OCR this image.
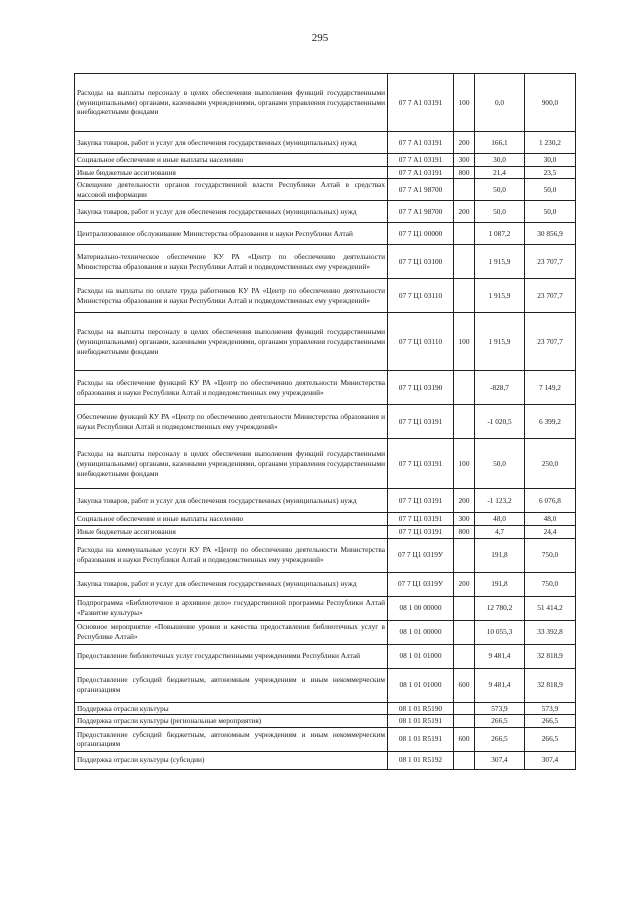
295
Расходы на выплаты персоналу в целях обеспечения выполнения функций государственными (муниципальными) органами, казенными учреждениями, органами управления государственными внебюджетными фондами	07 7 А1 03191	100	0,0	900,0
Закупка товаров, работ и услуг для обеспечения государственных (муниципальных) нужд	07 7 А1 03191	200	166,1	1 230,2
Социальное обеспечение и иные выплаты населению	07 7 А1 03191	300	30,0	30,0
Иные бюджетные ассигнования	07 7 А1 03191	800	21,4	23,5
Освещение деятельности органов государственной власти Республики Алтай в средствах массовой информации	07 7 А1 98700		50,0	50,0
Закупка товаров, работ и услуг для обеспечения государственных (муниципальных) нужд	07 7 А1 98700	200	50,0	50,0
Централизованное обслуживание Министерства образования и науки Республики Алтай	07 7 Ц1 00000		1 087,2	30 856,9
Материально-техническое обеспечение КУ РА «Центр по обеспечению деятельности Министерства образования и науки Республики Алтай и подведомственных ему учреждений»	07 7 Ц1 03100		1 915,9	23 707,7
Расходы на выплаты по оплате труда работников КУ РА «Центр по обеспечению деятельности Министерства образования и науки Республики Алтай и подведомственных ему учреждений»	07 7 Ц1 03110		1 915,9	23 707,7
Расходы на выплаты персоналу в целях обеспечения выполнения функций государственными (муниципальными) органами, казенными учреждениями, органами управления государственными внебюджетными фондами	07 7 Ц1 03110	100	1 915,9	23 707,7
Расходы на обеспечение функций КУ РА «Центр по обеспечению деятельности Министерства образования и науки Республики Алтай и подведомственных ему учреждений»	07 7 Ц1 03190		-828,7	7 149,2
Обеспечение функций КУ РА «Центр по обеспечению деятельности Министерства образования и науки Республики Алтай и подведомственных ему учреждений»	07 7 Ц1 03191		-1 020,5	6 399,2
Расходы на выплаты персоналу в целях обеспечения выполнения функций государственными (муниципальными) органами, казенными учреждениями, органами управления государственными внебюджетными фондами	07 7 Ц1 03191	100	50,0	250,0
Закупка товаров, работ и услуг для обеспечения государственных (муниципальных) нужд	07 7 Ц1 03191	200	-1 123,2	6 076,8
Социальное обеспечение и иные выплаты населению	07 7 Ц1 03191	300	48,0	48,0
Иные бюджетные ассигнования	07 7 Ц1 03191	800	4,7	24,4
Расходы на коммунальные услуги КУ РА «Центр по обеспечению деятельности Министерства образования и науки Республики Алтай и подведомственных ему учреждений»	07 7 Ц1 0319У		191,8	750,0
Закупка товаров, работ и услуг для обеспечения государственных (муниципальных) нужд	07 7 Ц1 0319У	200	191,8	750,0
Подпрограмма «Библиотечное и архивное дело» государственной программы Республики Алтай «Развитие культуры»	08 1 00 00000		12 780,2	51 414,2
Основное мероприятие «Повышение уровня и качества предоставления библиотечных услуг в Республике Алтай»	08 1 01 00000		10 055,3	33 392,8
Предоставление библиотечных услуг государственными учреждениями Республики Алтай	08 1 01 01000		9 481,4	32 818,9
Предоставление субсидий бюджетным, автономным учреждениям и иным некоммерческим организациям	08 1 01 01000	600	9 481,4	32 818,9
Поддержка отрасли культуры	08 1 01 R5190		573,9	573,9
Поддержка отрасли культуры (региональные мероприятия)	08 1 01 R5191		266,5	266,5
Предоставление субсидий бюджетным, автономным учреждениям и иным некоммерческим организациям	08 1 01 R5191	600	266,5	266,5
Поддержка отрасли культуры (субсидии)	08 1 01 R5192		307,4	307,4
